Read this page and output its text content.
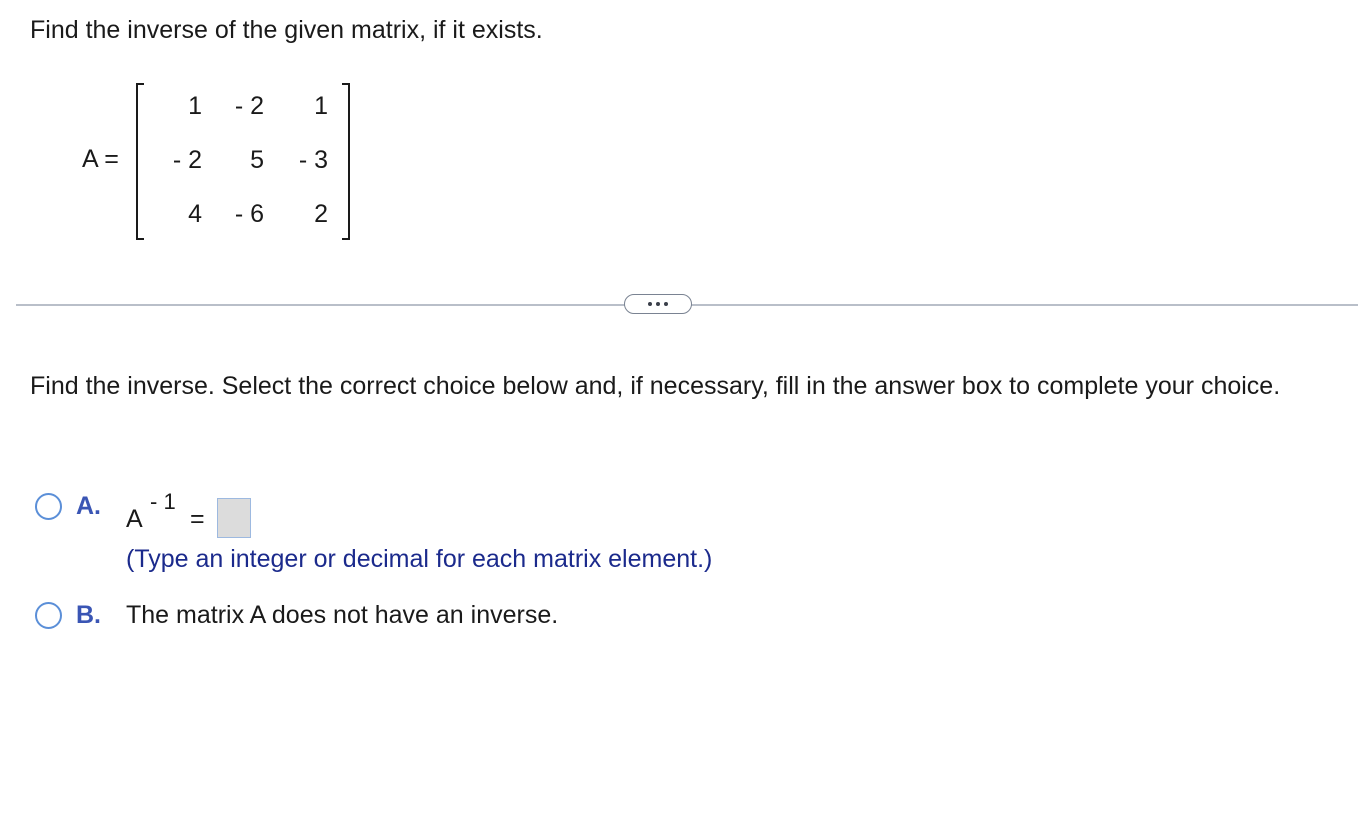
Find the inverse of the given matrix, if it exists.
A =
1	- 2	1
- 2	5	- 3
4	- 6	2

Find the inverse. Select the correct choice below and, if necessary, fill in the answer box to complete your choice.

A. A
- 1
=
(Type an integer or decimal for each matrix element.)
B. The matrix A does not have an inverse.
